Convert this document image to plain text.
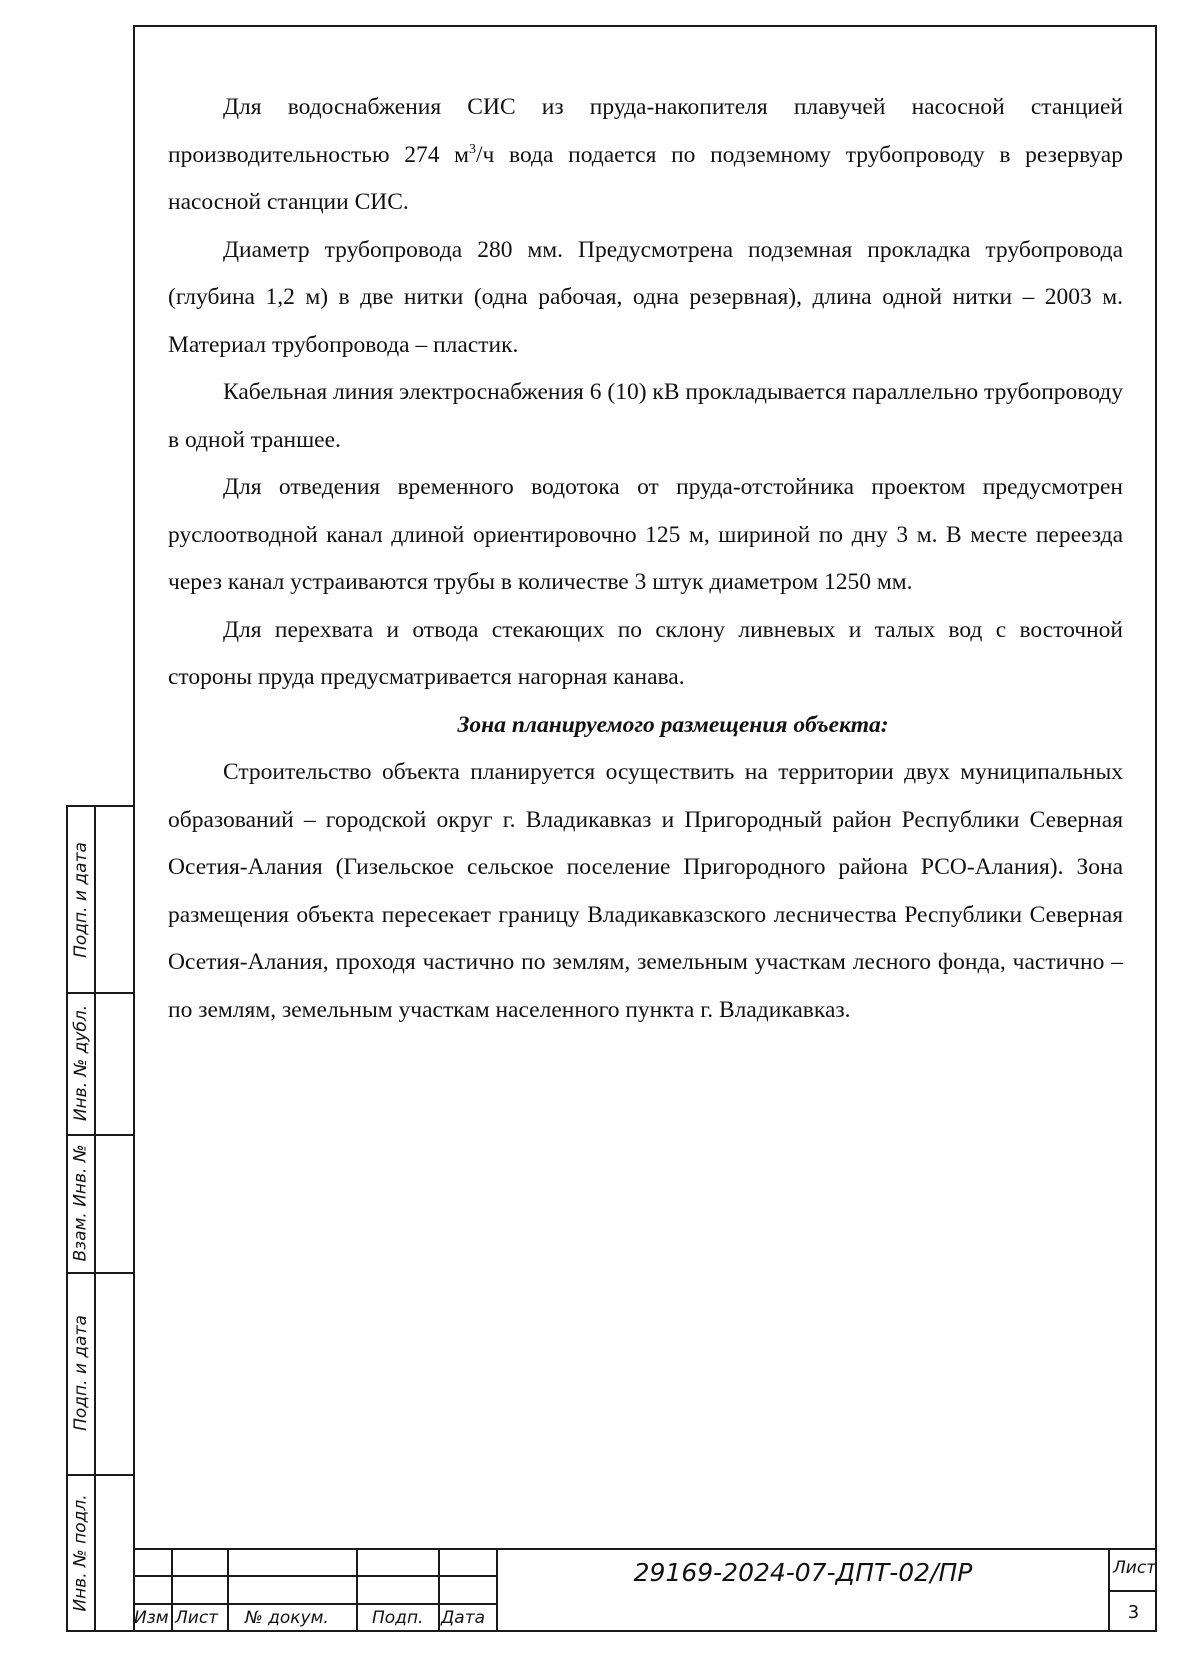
Для водоснабжения СИС из пруда-накопителя плавучей насосной станцией производительностью 274 $м^3/ч$ вода подается по подземному трубопроводу в резервуар насосной станции СИС.

Диаметр трубопровода 280 мм. Предусмотрена подземная прокладка трубопровода (глубина 1,2 м) в две нитки (одна рабочая, одна резервная), длина одной нитки – 2003 м. Материал трубопровода – пластик.

Кабельная линия электроснабжения 6 (10) кВ прокладывается параллельно трубопроводу в одной траншее.

Для отведения временного водотока от пруда-отстойника проектом предусмотрен руслоотводной канал длиной ориентировочно 125 м, шириной по дну 3 м. В месте переезда через канал устраиваются трубы в количестве 3 штук диаметром 1250 мм.

Для перехвата и отвода стекающих по склону ливневых и талых вод с восточной стороны пруда предусматривается нагорная канава.

Зона планируемого размещения объекта:

Строительство объекта планируется осуществить на территории двух муниципальных образований – городской округ г. Владикавказ и Пригородный район Республики Северная Осетия-Алания (Гизельское сельское поселение Пригородного района РСО-Алания). Зона размещения объекта пересекает границу Владикавказского лесничества Республики Северная Осетия-Алания, проходя частично по землям, земельным участкам лесного фонда, частично – по землям, земельным участкам населенного пункта г. Владикавказ.

Подп. и дата
Инв. № дубл.
Взам. Инв. №
Подп. и дата
Инв. № подл.
Изм Лист № докум.	Подп. Дата
29169-2024-07-ДПТ-02/ПР	Лист
3
